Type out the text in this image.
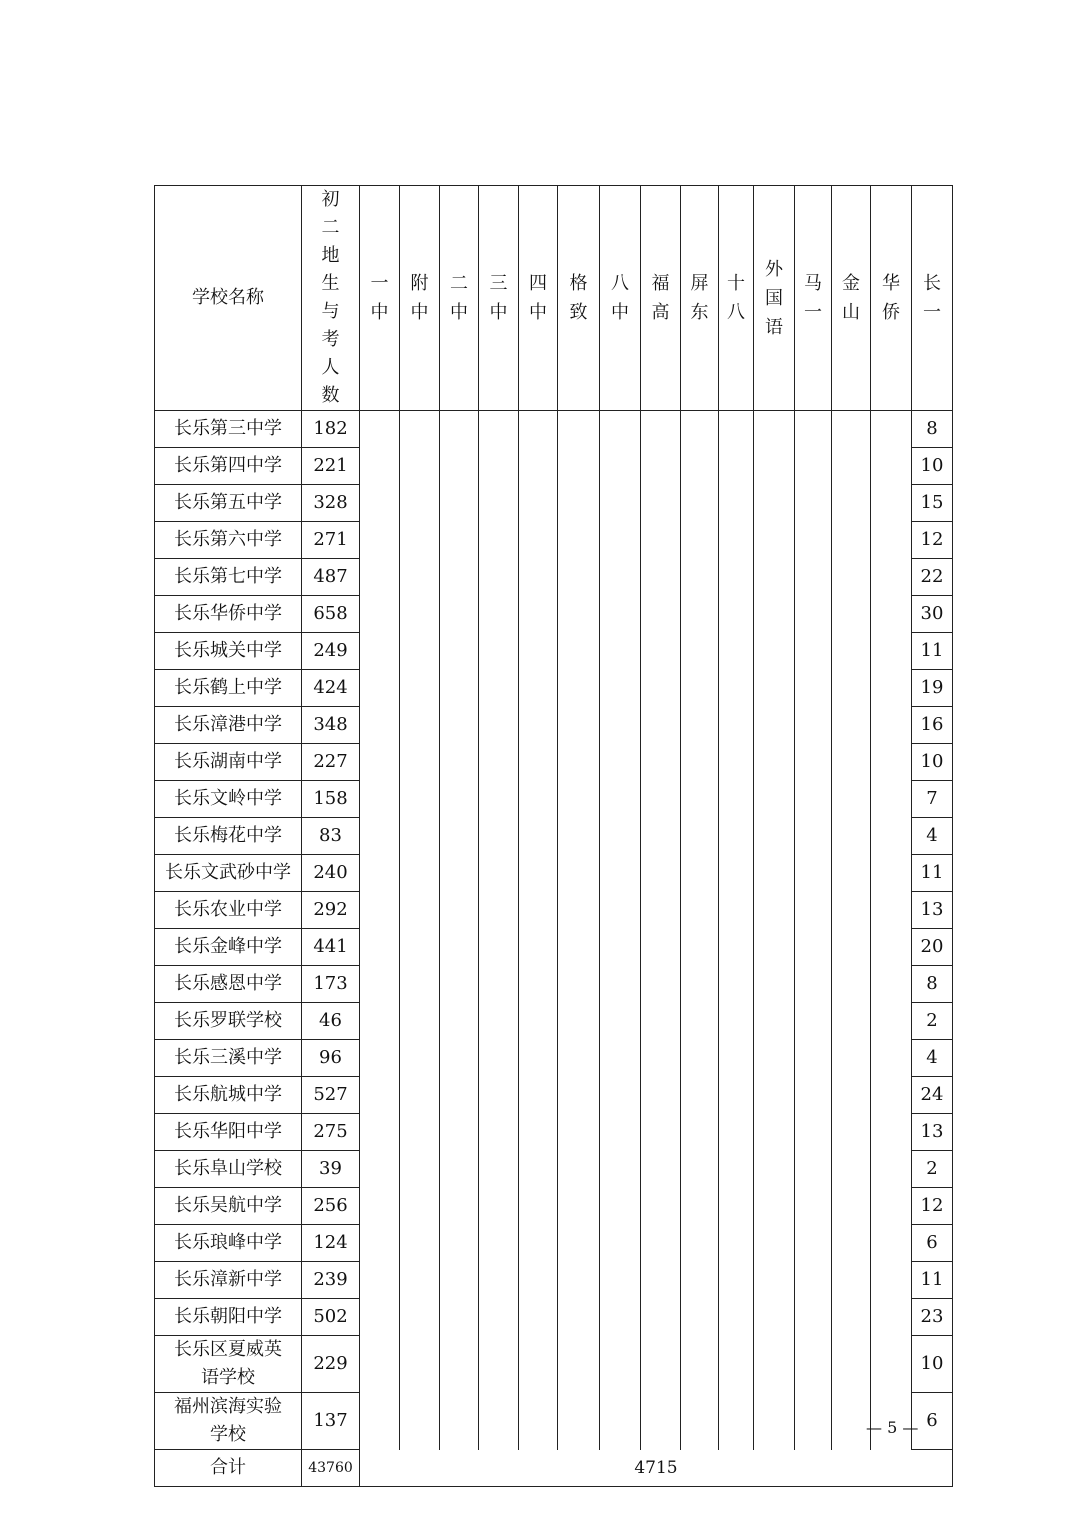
学校名称	初二地生与考人数	一中	附中	二中	三中	四中	格致	八中	福高	屏东	十八	外国语	马一	金山	华侨	长一

长乐第三中学	182															8
长乐第四中学	221															10
长乐第五中学	328															15
长乐第六中学	271															12
长乐第七中学	487															22
长乐华侨中学	658															30
长乐城关中学	249															11
长乐鹤上中学	424															19
长乐漳港中学	348															16
长乐湖南中学	227															10
长乐文岭中学	158															7
长乐梅花中学	83															4
长乐文武砂中学	240															11
长乐农业中学	292															13
长乐金峰中学	441															20
长乐感恩中学	173															8
长乐罗联学校	46															2
长乐三溪中学	96															4
长乐航城中学	527															24
长乐华阳中学	275															13
长乐阜山学校	39															2
长乐吴航中学	256															12
长乐琅峰中学	124															6
长乐漳新中学	239															11
长乐朝阳中学	502															23
长乐区夏威英语学校	229															10
福州滨海实验学校	137															6
合计	43760	4715														
— 5 —
